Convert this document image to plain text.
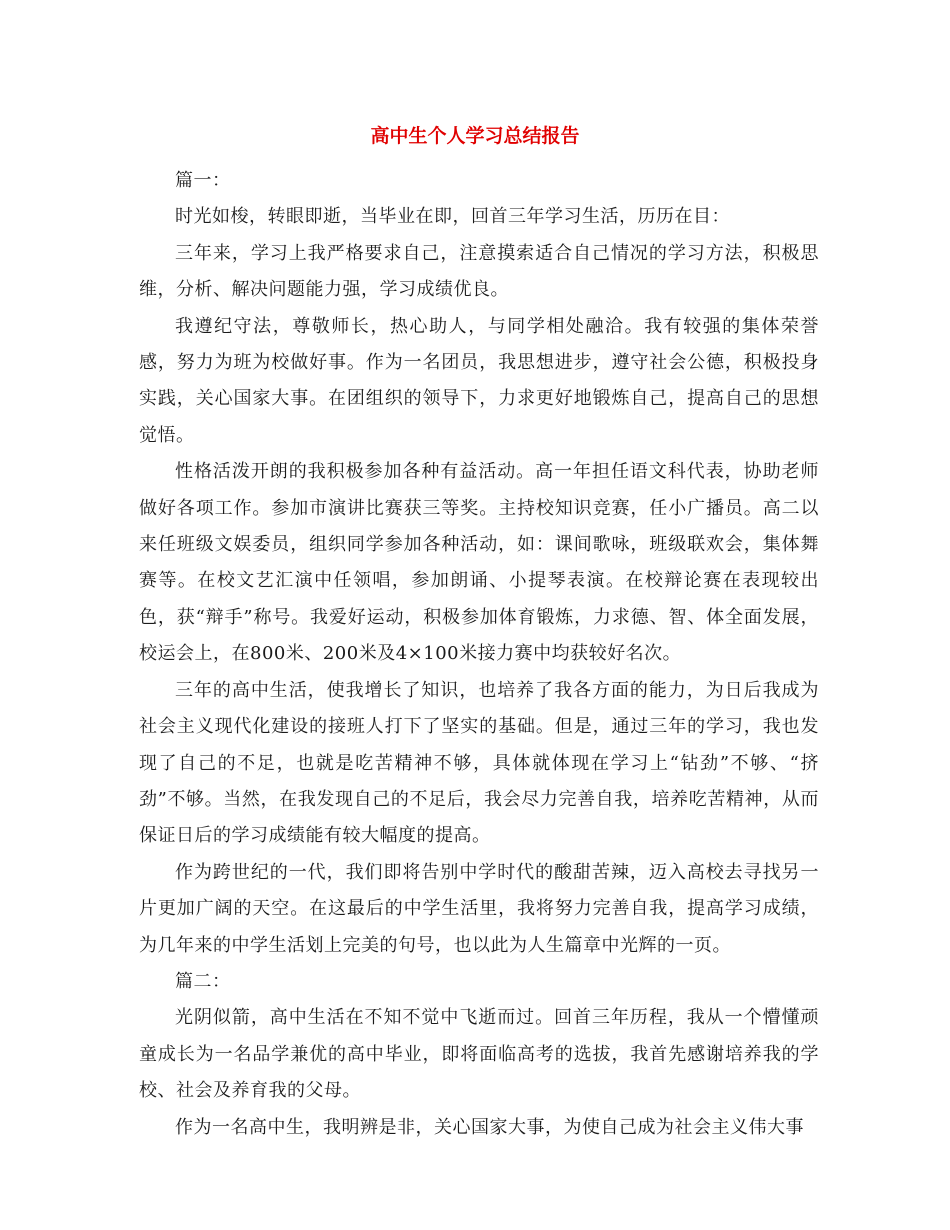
高中生个人学习总结报告

篇一：

时光如梭，转眼即逝，当毕业在即，回首三年学习生活，历历在目：

三年来，学习上我严格要求自己，注意摸索适合自己情况的学习方法，积极思维，分析、解决问题能力强，学习成绩优良。

我遵纪守法，尊敬师长，热心助人，与同学相处融洽。我有较强的集体荣誉感，努力为班为校做好事。作为一名团员，我思想进步，遵守社会公德，积极投身实践，关心国家大事。在团组织的领导下，力求更好地锻炼自己，提高自己的思想觉悟。

性格活泼开朗的我积极参加各种有益活动。高一年担任语文科代表，协助老师做好各项工作。参加市演讲比赛获三等奖。主持校知识竞赛，任小广播员。高二以来任班级文娱委员，组织同学参加各种活动，如：课间歌咏，班级联欢会，集体舞赛等。在校文艺汇演中任领唱，参加朗诵、小提琴表演。在校辩论赛在表现较出色，获“辩手”称号。我爱好运动，积极参加体育锻炼，力求德、智、体全面发展，校运会上，在800米、200米及4×100米接力赛中均获较好名次。

三年的高中生活，使我增长了知识，也培养了我各方面的能力，为日后我成为社会主义现代化建设的接班人打下了坚实的基础。但是，通过三年的学习，我也发现了自己的不足，也就是吃苦精神不够，具体就体现在学习上“钻劲”不够、“挤劲”不够。当然，在我发现自己的不足后，我会尽力完善自我，培养吃苦精神，从而保证日后的学习成绩能有较大幅度的提高。

作为跨世纪的一代，我们即将告别中学时代的酸甜苦辣，迈入高校去寻找另一片更加广阔的天空。在这最后的中学生活里，我将努力完善自我，提高学习成绩，为几年来的中学生活划上完美的句号，也以此为人生篇章中光辉的一页。

篇二：

光阴似箭，高中生活在不知不觉中飞逝而过。回首三年历程，我从一个懵懂顽童成长为一名品学兼优的高中毕业，即将面临高考的选拔，我首先感谢培养我的学校、社会及养育我的父母。

作为一名高中生，我明辨是非，关心国家大事，为使自己成为社会主义伟大事
